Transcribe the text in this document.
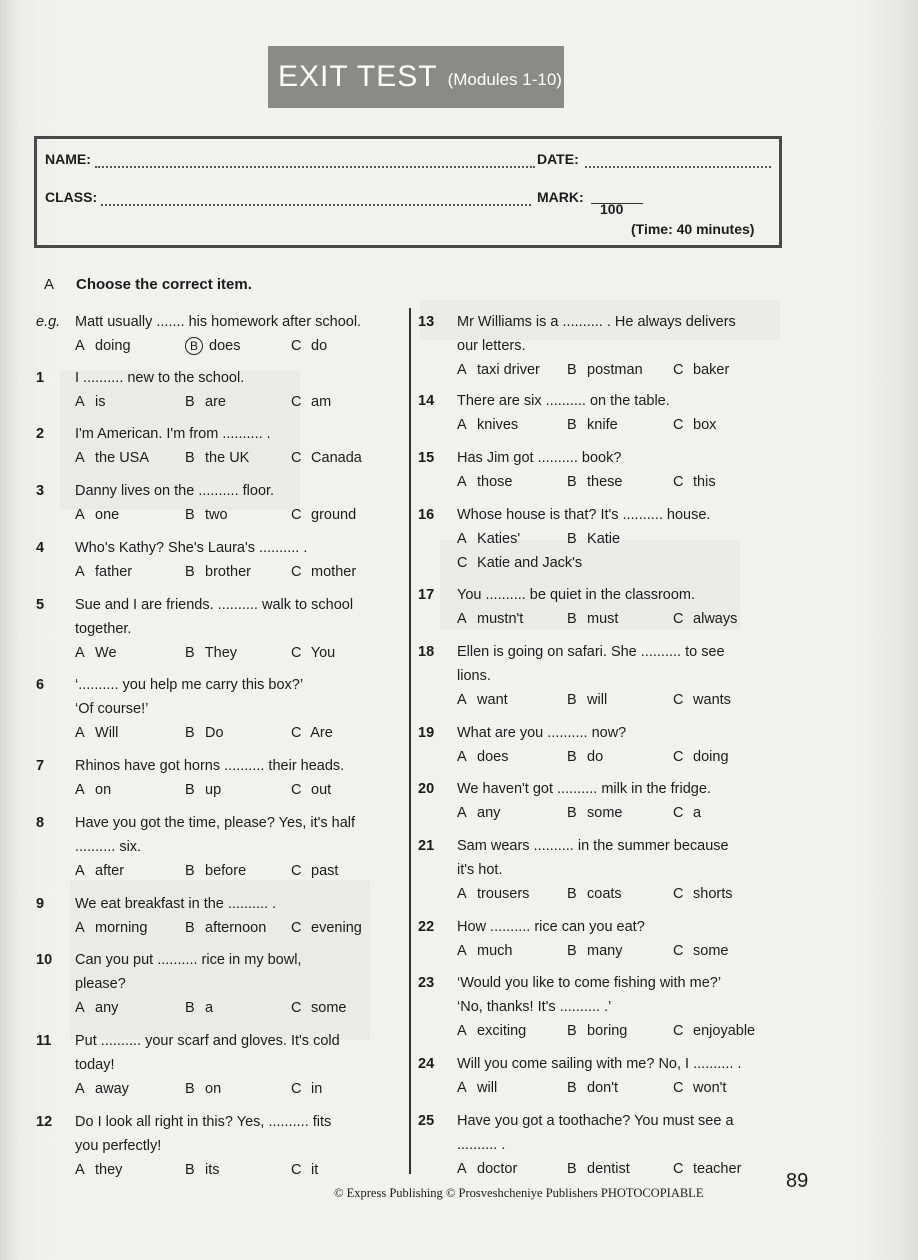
EXIT TEST (Modules 1-10)
NAME:	DATE:
CLASS:	MARK:
100
(Time: 40 minutes)
A Choose the correct item.
e.g. Matt usually ....... his homework after school.
A doing	B does	C do
1 I .......... new to the school.
A is	B are	C am
2 I'm American. I'm from .......... .
A the USA B the UK	C Canada
3 Danny lives on the .......... floor.
A one	B two	C ground
4 Who's Kathy? She's Laura's .......... .
A father	B brother	C mother
5 Sue and I are friends. .......... walk to school
together.
A We	B They	C You
6 ‘.......... you help me carry this box?’
‘Of course!’
A Will	B Do	C Are
7 Rhinos have got horns .......... their heads.
A on	B up	C out
8 Have you got the time, please? Yes, it's half
.......... six.
A after	B before	C past
9 We eat breakfast in the .......... .
A morning	B afternoon C evening
10 Can you put .......... rice in my bowl,
please?
A any	B a	C some
11 Put .......... your scarf and gloves. It's cold
today!
A away	B on	C in
12 Do I look all right in this? Yes, .......... fits
you perfectly!
A they	B its	C it
13 Mr Williams is a .......... . He always delivers
our letters.
A taxi driver B postman C baker
14 There are six .......... on the table.
A knives	B knife	C box
15 Has Jim got .......... book?
A those	B these	C this
16 Whose house is that? It's .......... house.
A Katies'	B Katie
C Katie and Jack's
17 You .......... be quiet in the classroom.
A mustn't	B must	C always
18 Ellen is going on safari. She .......... to see
lions.
A want	B will	C wants
19 What are you .......... now?
A does	B do	C doing
20 We haven't got .......... milk in the fridge.
A any	B some	C a
21 Sam wears .......... in the summer because
it's hot.
A trousers	B coats	C shorts
22 How .......... rice can you eat?
A much	B many	C some
23 ‘Would you like to come fishing with me?’
‘No, thanks! It's .......... .’
A exciting	B boring	C enjoyable
24 Will you come sailing with me? No, I .......... .
A will	B don't	C won't
25 Have you got a toothache? You must see a
.......... .
A doctor	B dentist	C teacher
© Express Publishing © Prosveshcheniye Publishers PHOTOCOPIABLE
89
